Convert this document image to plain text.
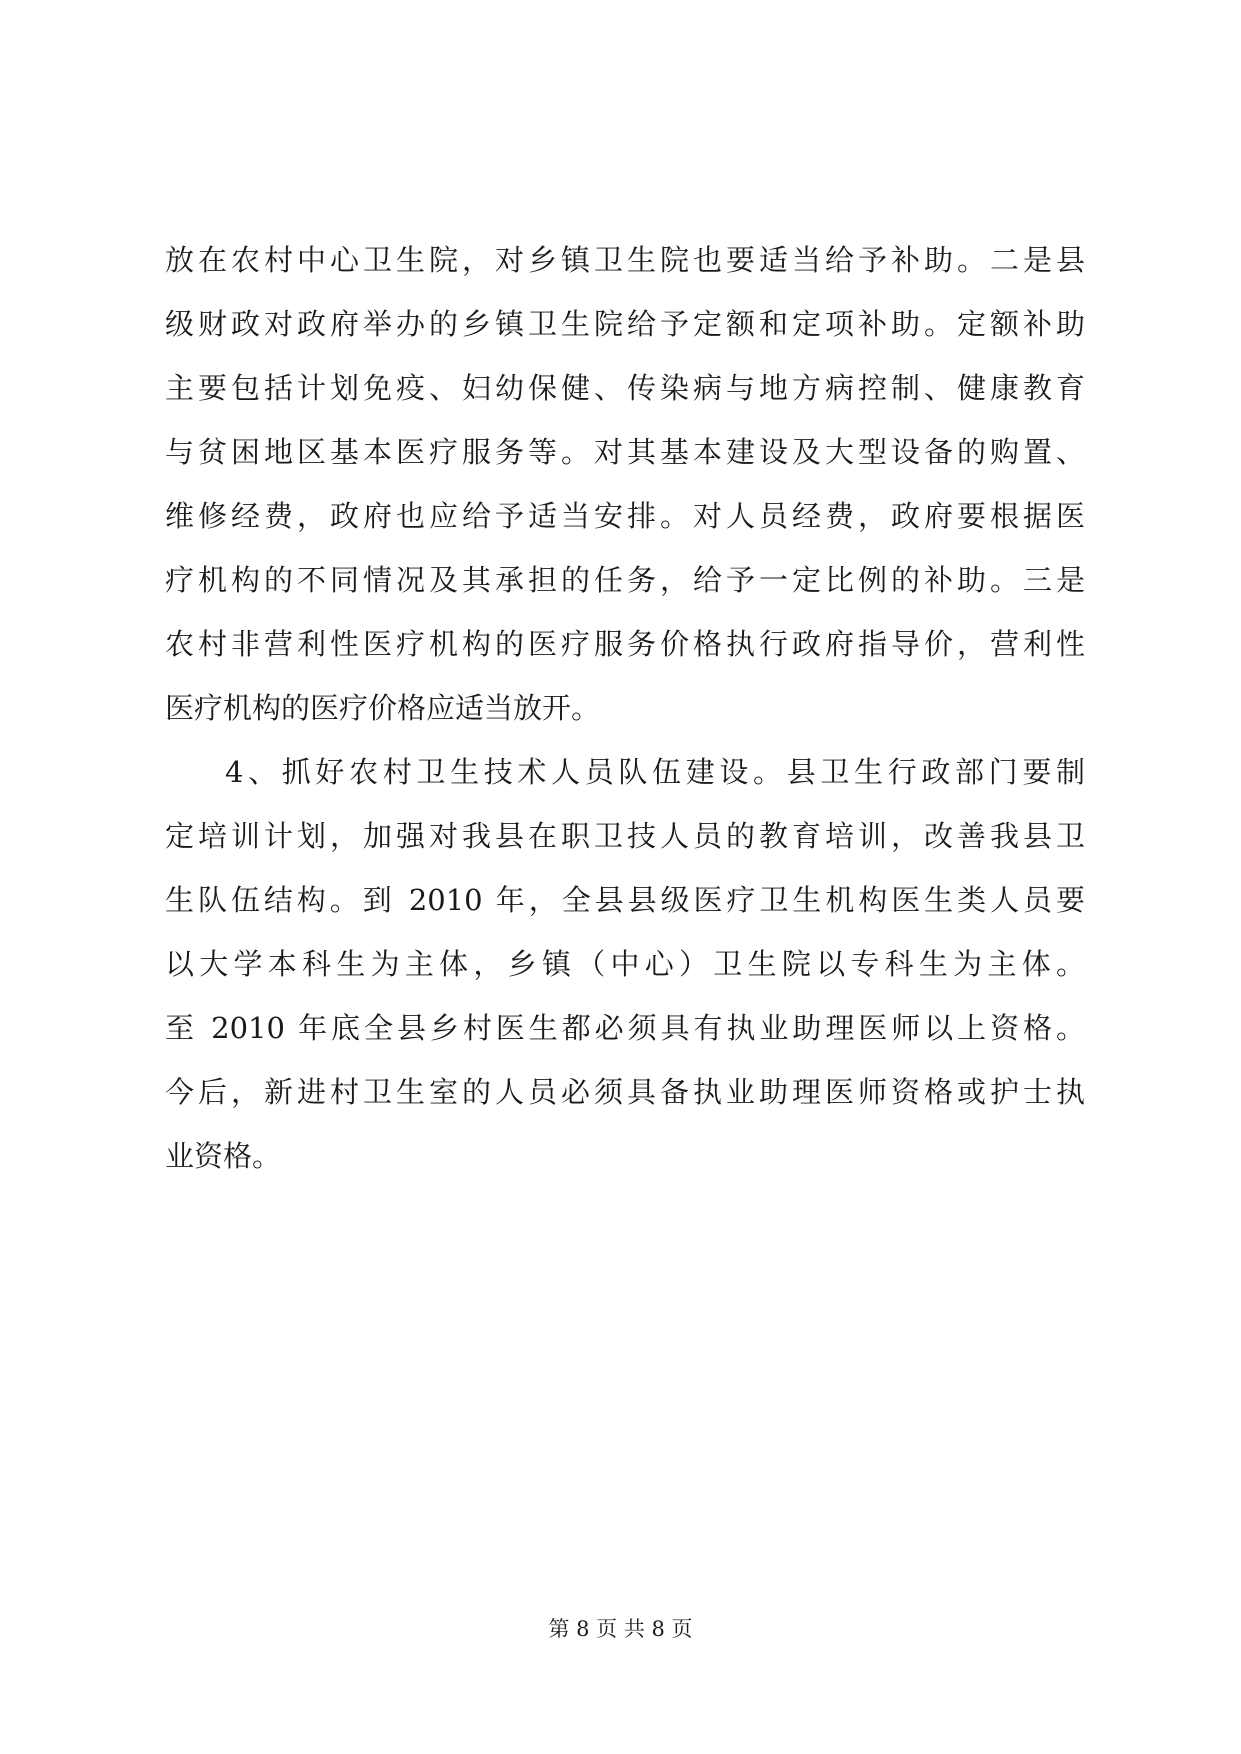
放在农村中心卫生院，对乡镇卫生院也要适当给予补助。二是县
级财政对政府举办的乡镇卫生院给予定额和定项补助。定额补助
主要包括计划免疫、妇幼保健、传染病与地方病控制、健康教育
与贫困地区基本医疗服务等。对其基本建设及大型设备的购置、
维修经费，政府也应给予适当安排。对人员经费，政府要根据医
疗机构的不同情况及其承担的任务，给予一定比例的补助。三是
农村非营利性医疗机构的医疗服务价格执行政府指导价，营利性
医疗机构的医疗价格应适当放开。
4、抓好农村卫生技术人员队伍建设。县卫生行政部门要制
定培训计划，加强对我县在职卫技人员的教育培训，改善我县卫
生队伍结构。到 2010 年，全县县级医疗卫生机构医生类人员要
以大学本科生为主体，乡镇（中心）卫生院以专科生为主体。
至 2010 年底全县乡村医生都必须具有执业助理医师以上资格。
今后，新进村卫生室的人员必须具备执业助理医师资格或护士执
业资格。
第 8 页 共 8 页
